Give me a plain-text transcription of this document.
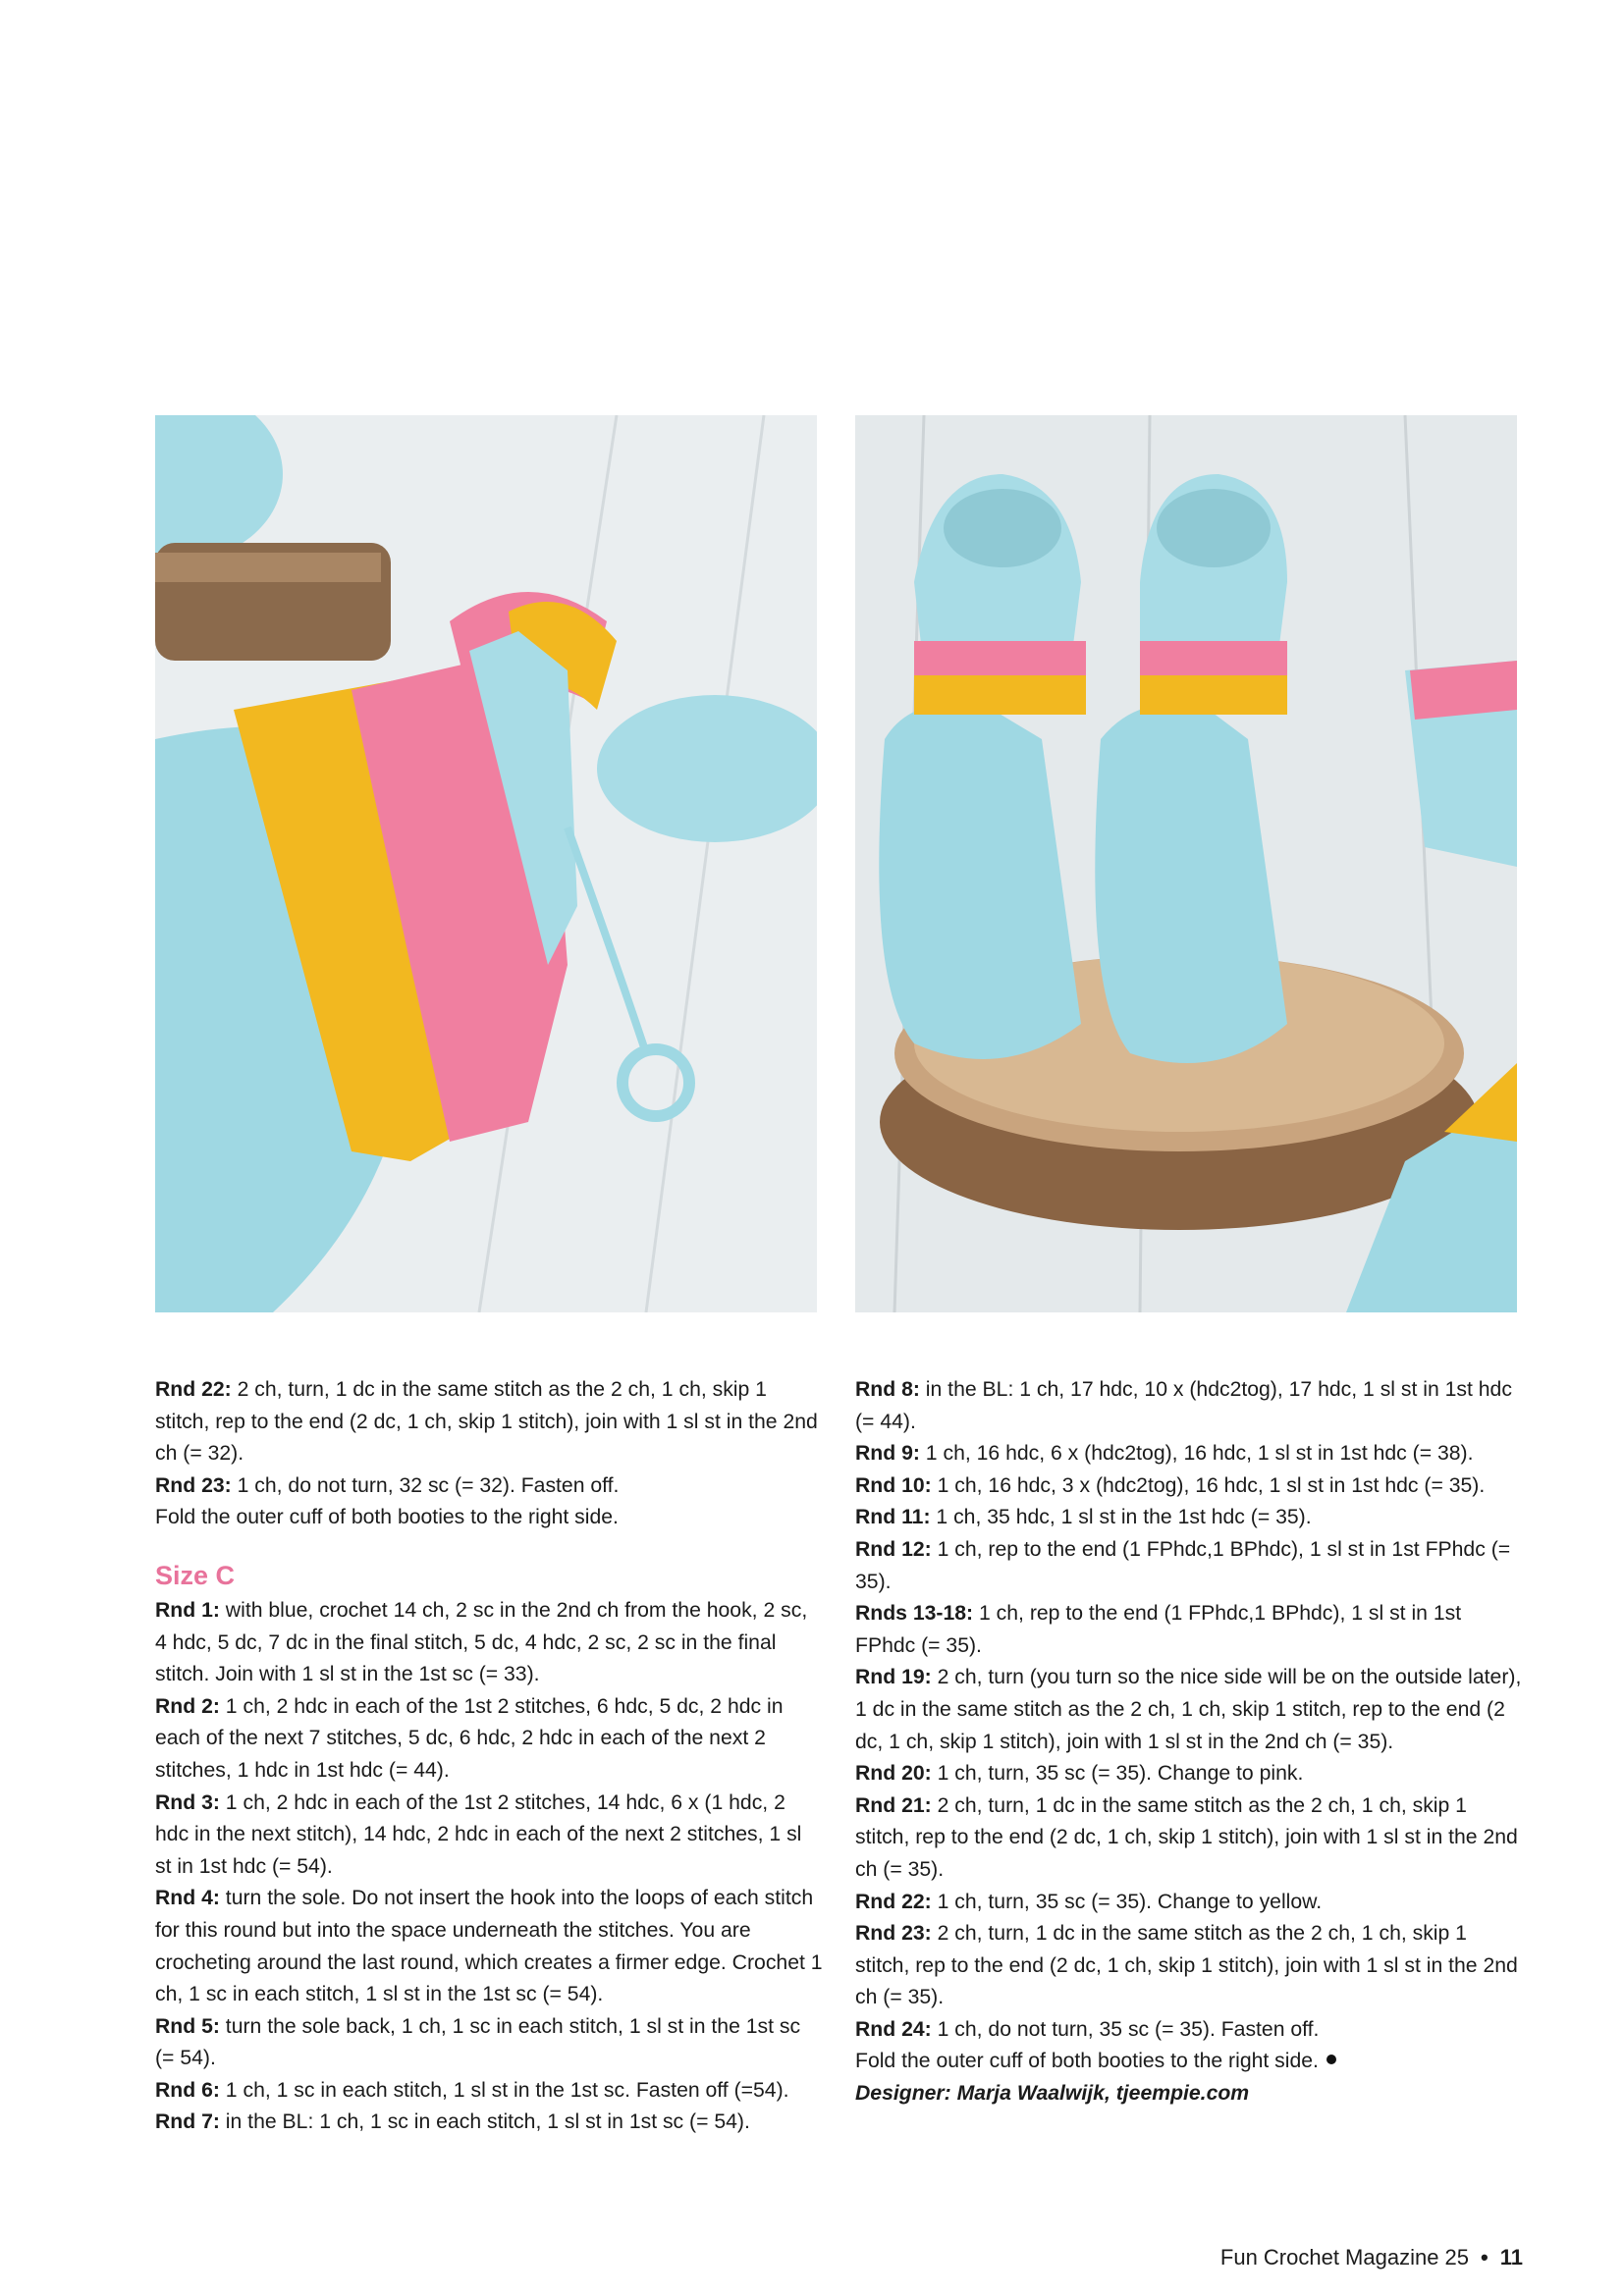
Rnd 22: 2 ch, turn, 1 dc in the same stitch as the 2 ch, 1 ch, skip 1 stitch, rep to the end (2 dc, 1 ch, skip 1 stitch), join with 1 sl st in the 2nd ch (= 32).

Rnd 23: 1 ch, do not turn, 32 sc (= 32). Fasten off.

Fold the outer cuff of both booties to the right side.

Size C

Rnd 1: with blue, crochet 14 ch, 2 sc in the 2nd ch from the hook, 2 sc, 4 hdc, 5 dc, 7 dc in the final stitch, 5 dc, 4 hdc, 2 sc, 2 sc in the final stitch. Join with 1 sl st in the 1st sc (= 33).

Rnd 2: 1 ch, 2 hdc in each of the 1st 2 stitches, 6 hdc, 5 dc, 2 hdc in each of the next 7 stitches, 5 dc, 6 hdc, 2 hdc in each of the next 2 stitches, 1 hdc in 1st hdc (= 44).

Rnd 3: 1 ch, 2 hdc in each of the 1st 2 stitches, 14 hdc, 6 x (1 hdc, 2 hdc in the next stitch), 14 hdc, 2 hdc in each of the next 2 stitches, 1 sl st in 1st hdc (= 54).

Rnd 4: turn the sole. Do not insert the hook into the loops of each stitch for this round but into the space underneath the stitches. You are crocheting around the last round, which creates a firmer edge. Crochet 1 ch, 1 sc in each stitch, 1 sl st in the 1st sc (= 54).

Rnd 5: turn the sole back, 1 ch, 1 sc in each stitch, 1 sl st in the 1st sc (= 54).

Rnd 6: 1 ch, 1 sc in each stitch, 1 sl st in the 1st sc. Fasten off (=54).

Rnd 7: in the BL: 1 ch, 1 sc in each stitch, 1 sl st in 1st sc (= 54).

Rnd 8: in the BL: 1 ch, 17 hdc, 10 x (hdc2tog), 17 hdc, 1 sl st in 1st hdc (= 44).

Rnd 9: 1 ch, 16 hdc, 6 x (hdc2tog), 16 hdc, 1 sl st in 1st hdc (= 38).

Rnd 10: 1 ch, 16 hdc, 3 x (hdc2tog), 16 hdc, 1 sl st in 1st hdc (= 35).

Rnd 11: 1 ch, 35 hdc, 1 sl st in the 1st hdc (= 35).

Rnd 12: 1 ch, rep to the end (1 FPhdc,1 BPhdc), 1 sl st in 1st FPhdc (= 35).

Rnds 13-18: 1 ch, rep to the end (1 FPhdc,1 BPhdc), 1 sl st in 1st FPhdc (= 35).

Rnd 19: 2 ch, turn (you turn so the nice side will be on the outside later), 1 dc in the same stitch as the 2 ch, 1 ch, skip 1 stitch, rep to the end (2 dc, 1 ch, skip 1 stitch), join with 1 sl st in the 2nd ch (= 35).

Rnd 20: 1 ch, turn, 35 sc (= 35). Change to pink.

Rnd 21: 2 ch, turn, 1 dc in the same stitch as the 2 ch, 1 ch, skip 1 stitch, rep to the end (2 dc, 1 ch, skip 1 stitch), join with 1 sl st in the 2nd ch (= 35).

Rnd 22: 1 ch, turn, 35 sc (= 35). Change to yellow.

Rnd 23: 2 ch, turn, 1 dc in the same stitch as the 2 ch, 1 ch, skip 1 stitch, rep to the end (2 dc, 1 ch, skip 1 stitch), join with 1 sl st in the 2nd ch (= 35).

Rnd 24: 1 ch, do not turn, 35 sc (= 35). Fasten off.

Fold the outer cuff of both booties to the right side.

Designer: Marja Waalwijk, tjeempie.com

Fun Crochet Magazine 25 • 11
